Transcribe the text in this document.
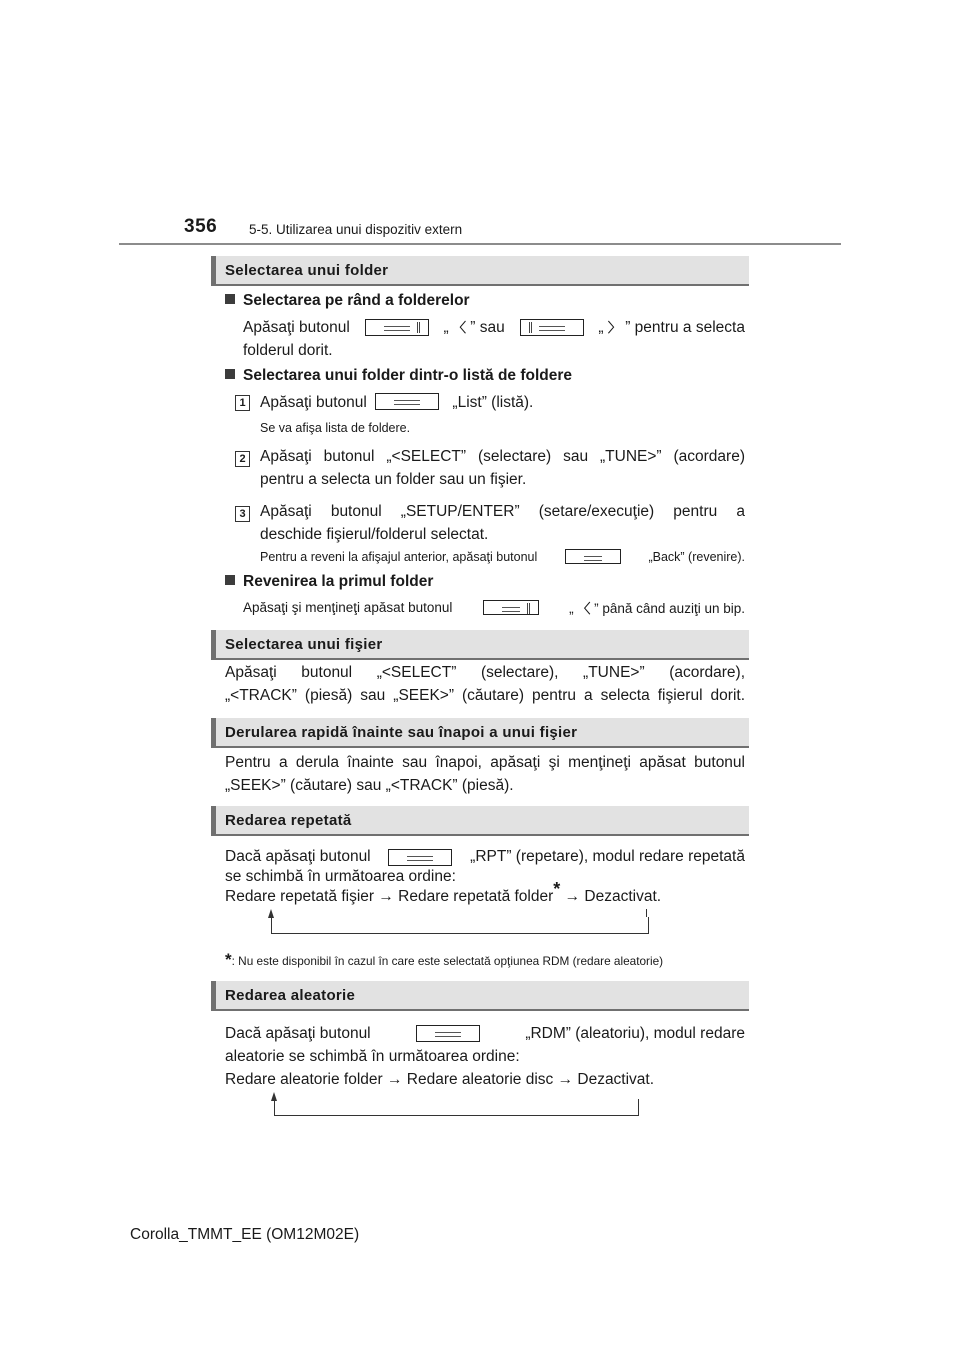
356 5-5. Utilizarea unui dispozitiv extern
Selectarea unui folder
Selectarea pe rând a folderelor
Apăsaţi butonul	„ 〈 ” sau	„ 〉 ” pentru a selecta
folderul dorit.
Selectarea unui folder dintr-o listă de foldere
1 Apăsaţi butonul	„List” (listă).
Se va afişa lista de foldere.
2 Apăsaţi butonul „<SELECT” (selectare) sau „TUNE>” (acordare)
pentru a selecta un folder sau un fişier.
3 Apăsaţi butonul „SETUP/ENTER” (setare/execuţie) pentru a
deschide fişierul/folderul selectat.
Pentru a reveni la afişajul anterior, apăsaţi butonul	„Back” (revenire).
Revenirea la primul folder
Apăsaţi şi menţineţi apăsat butonul	„ 〈 ” până când auziţi un bip.
Selectarea unui fişier
Apăsaţi butonul „<SELECT” (selectare), „TUNE>” (acordare),
„<TRACK” (piesă) sau „SEEK>” (căutare) pentru a selecta fişierul dorit.
Derularea rapidă înainte sau înapoi a unui fişier
Pentru a derula înainte sau înapoi, apăsaţi şi menţineţi apăsat butonul
„SEEK>” (căutare) sau „<TRACK” (piesă).
Redarea repetată
Dacă apăsaţi butonul	„RPT” (repetare), modul redare repetată
se schimbă în următoarea ordine:
Redare repetată fişier → Redare repetată folder* → Dezactivat.
*: Nu este disponibil în cazul în care este selectată opţiunea RDM (redare aleatorie)
Redarea aleatorie
Dacă apăsaţi butonul	„RDM” (aleatoriu), modul redare
aleatorie se schimbă în următoarea ordine:
Redare aleatorie folder → Redare aleatorie disc → Dezactivat.
Corolla_TMMT_EE (OM12M02E)
